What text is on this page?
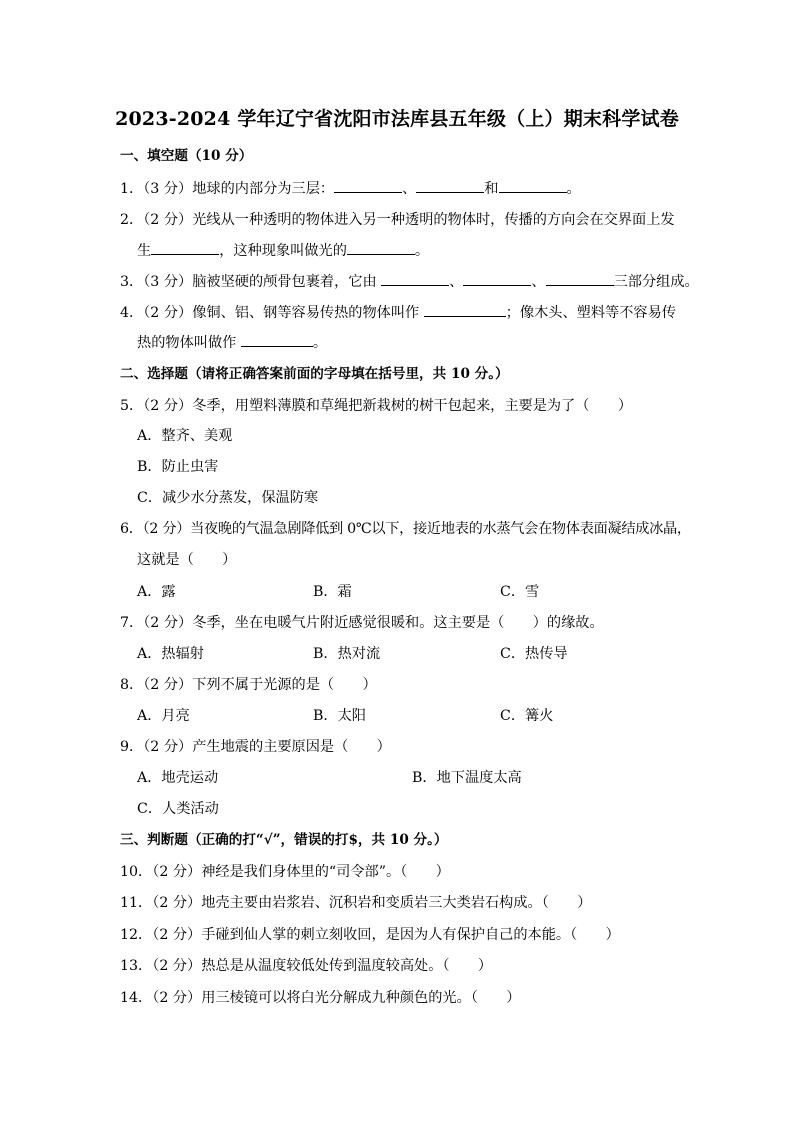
2023-2024 学年辽宁省沈阳市法库县五年级（上）期末科学试卷
一、填空题（10 分）
1．（3 分）地球的内部分为三层：	、	和	。
2．（2 分）光线从一种透明的物体进入另一种透明的物体时，传播的方向会在交界面上发
生	，这种现象叫做光的	。
3．（3 分）脑被坚硬的颅骨包裹着，它由	、	、	三部分组成。
4．（2 分）像铜、铝、钢等容易传热的物体叫作	；像木头、塑料等不容易传
热的物体叫做作	。
二、选择题（请将正确答案前面的字母填在括号里，共 10 分。）
5．（2 分）冬季，用塑料薄膜和草绳把新栽树的树干包起来，主要是为了（　　）
A．整齐、美观
B．防止虫害
C．减少水分蒸发，保温防寒
6．（2 分）当夜晚的气温急剧降低到 0℃以下，接近地表的水蒸气会在物体表面凝结成冰晶，
这就是（　　）
A．露	B．霜	C．雪
7．（2 分）冬季，坐在电暖气片附近感觉很暖和。这主要是（　　）的缘故。
A．热辐射	B．热对流	C．热传导
8．（2 分）下列不属于光源的是（　　）
A．月亮	B．太阳	C．篝火
9．（2 分）产生地震的主要原因是（　　）
A．地壳运动	B．地下温度太高
C．人类活动
三、判断题（正确的打“√”，错误的打$，共 10 分。）
10．（2 分）神经是我们身体里的“司令部”。（　　）
11．（2 分）地壳主要由岩浆岩、沉积岩和变质岩三大类岩石构成。（　　）
12．（2 分）手碰到仙人掌的刺立刻收回，是因为人有保护自己的本能。（　　）
13．（2 分）热总是从温度较低处传到温度较高处。（　　）
14．（2 分）用三棱镜可以将白光分解成九种颜色的光。（　　）
